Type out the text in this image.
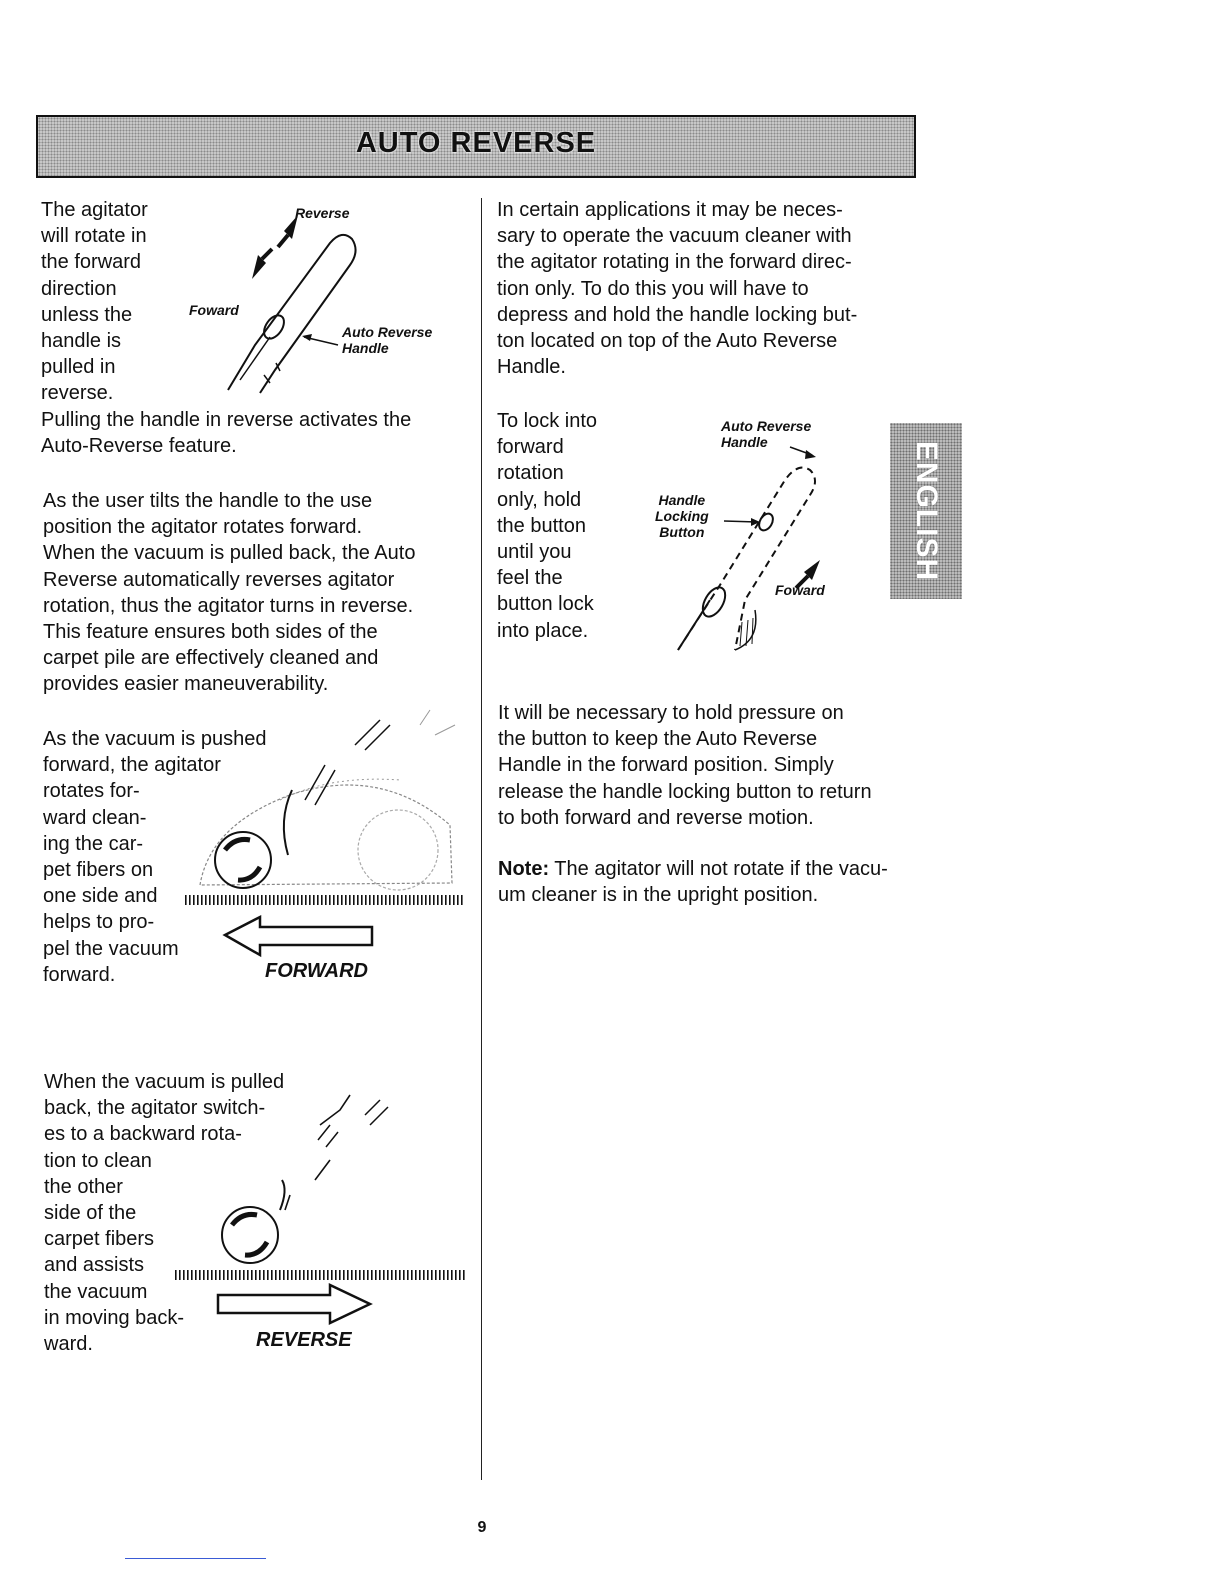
AUTO REVERSE
ENGLISH
The agitator
will rotate in
the forward
direction
unless the
handle is
pulled in
reverse.
Pulling the handle in reverse activates the
Auto-Reverse feature.
Reverse
Foward
Auto Reverse
Handle
As the user tilts the handle to the use
position the agitator rotates forward.
When the vacuum is pulled back, the Auto
Reverse automatically reverses agitator
rotation, thus the agitator turns in reverse.
This feature ensures both sides of the
carpet pile are effectively cleaned and
provides easier maneuverability.
As the vacuum is pushed
forward, the agitator
rotates for-
ward clean-
ing the car-
pet fibers on
one side and
helps to pro-
pel the vacuum
forward.	FORWARD
When the vacuum is pulled
back, the agitator switch-
es to a backward rota-
tion to clean
the other
side of the
carpet fibers
and assists
the vacuum
in moving back-
ward.	REVERSE
In certain applications it may be neces-
sary to operate the vacuum cleaner with
the agitator rotating in the forward direc-
tion only. To do this you will have to
depress and hold the handle locking but-
ton located on top of the Auto Reverse
Handle.
To lock into
forward
rotation
only, hold
the button
until you
feel the
button lock
into place.
Auto Reverse
Handle
Handle
Locking
Button
Foward
It will be necessary to hold pressure on
the button to keep the Auto Reverse
Handle in the forward position. Simply
release the handle locking button to return
to both forward and reverse motion.
Note: The agitator will not rotate if the vacu-
um cleaner is in the upright position.
9
